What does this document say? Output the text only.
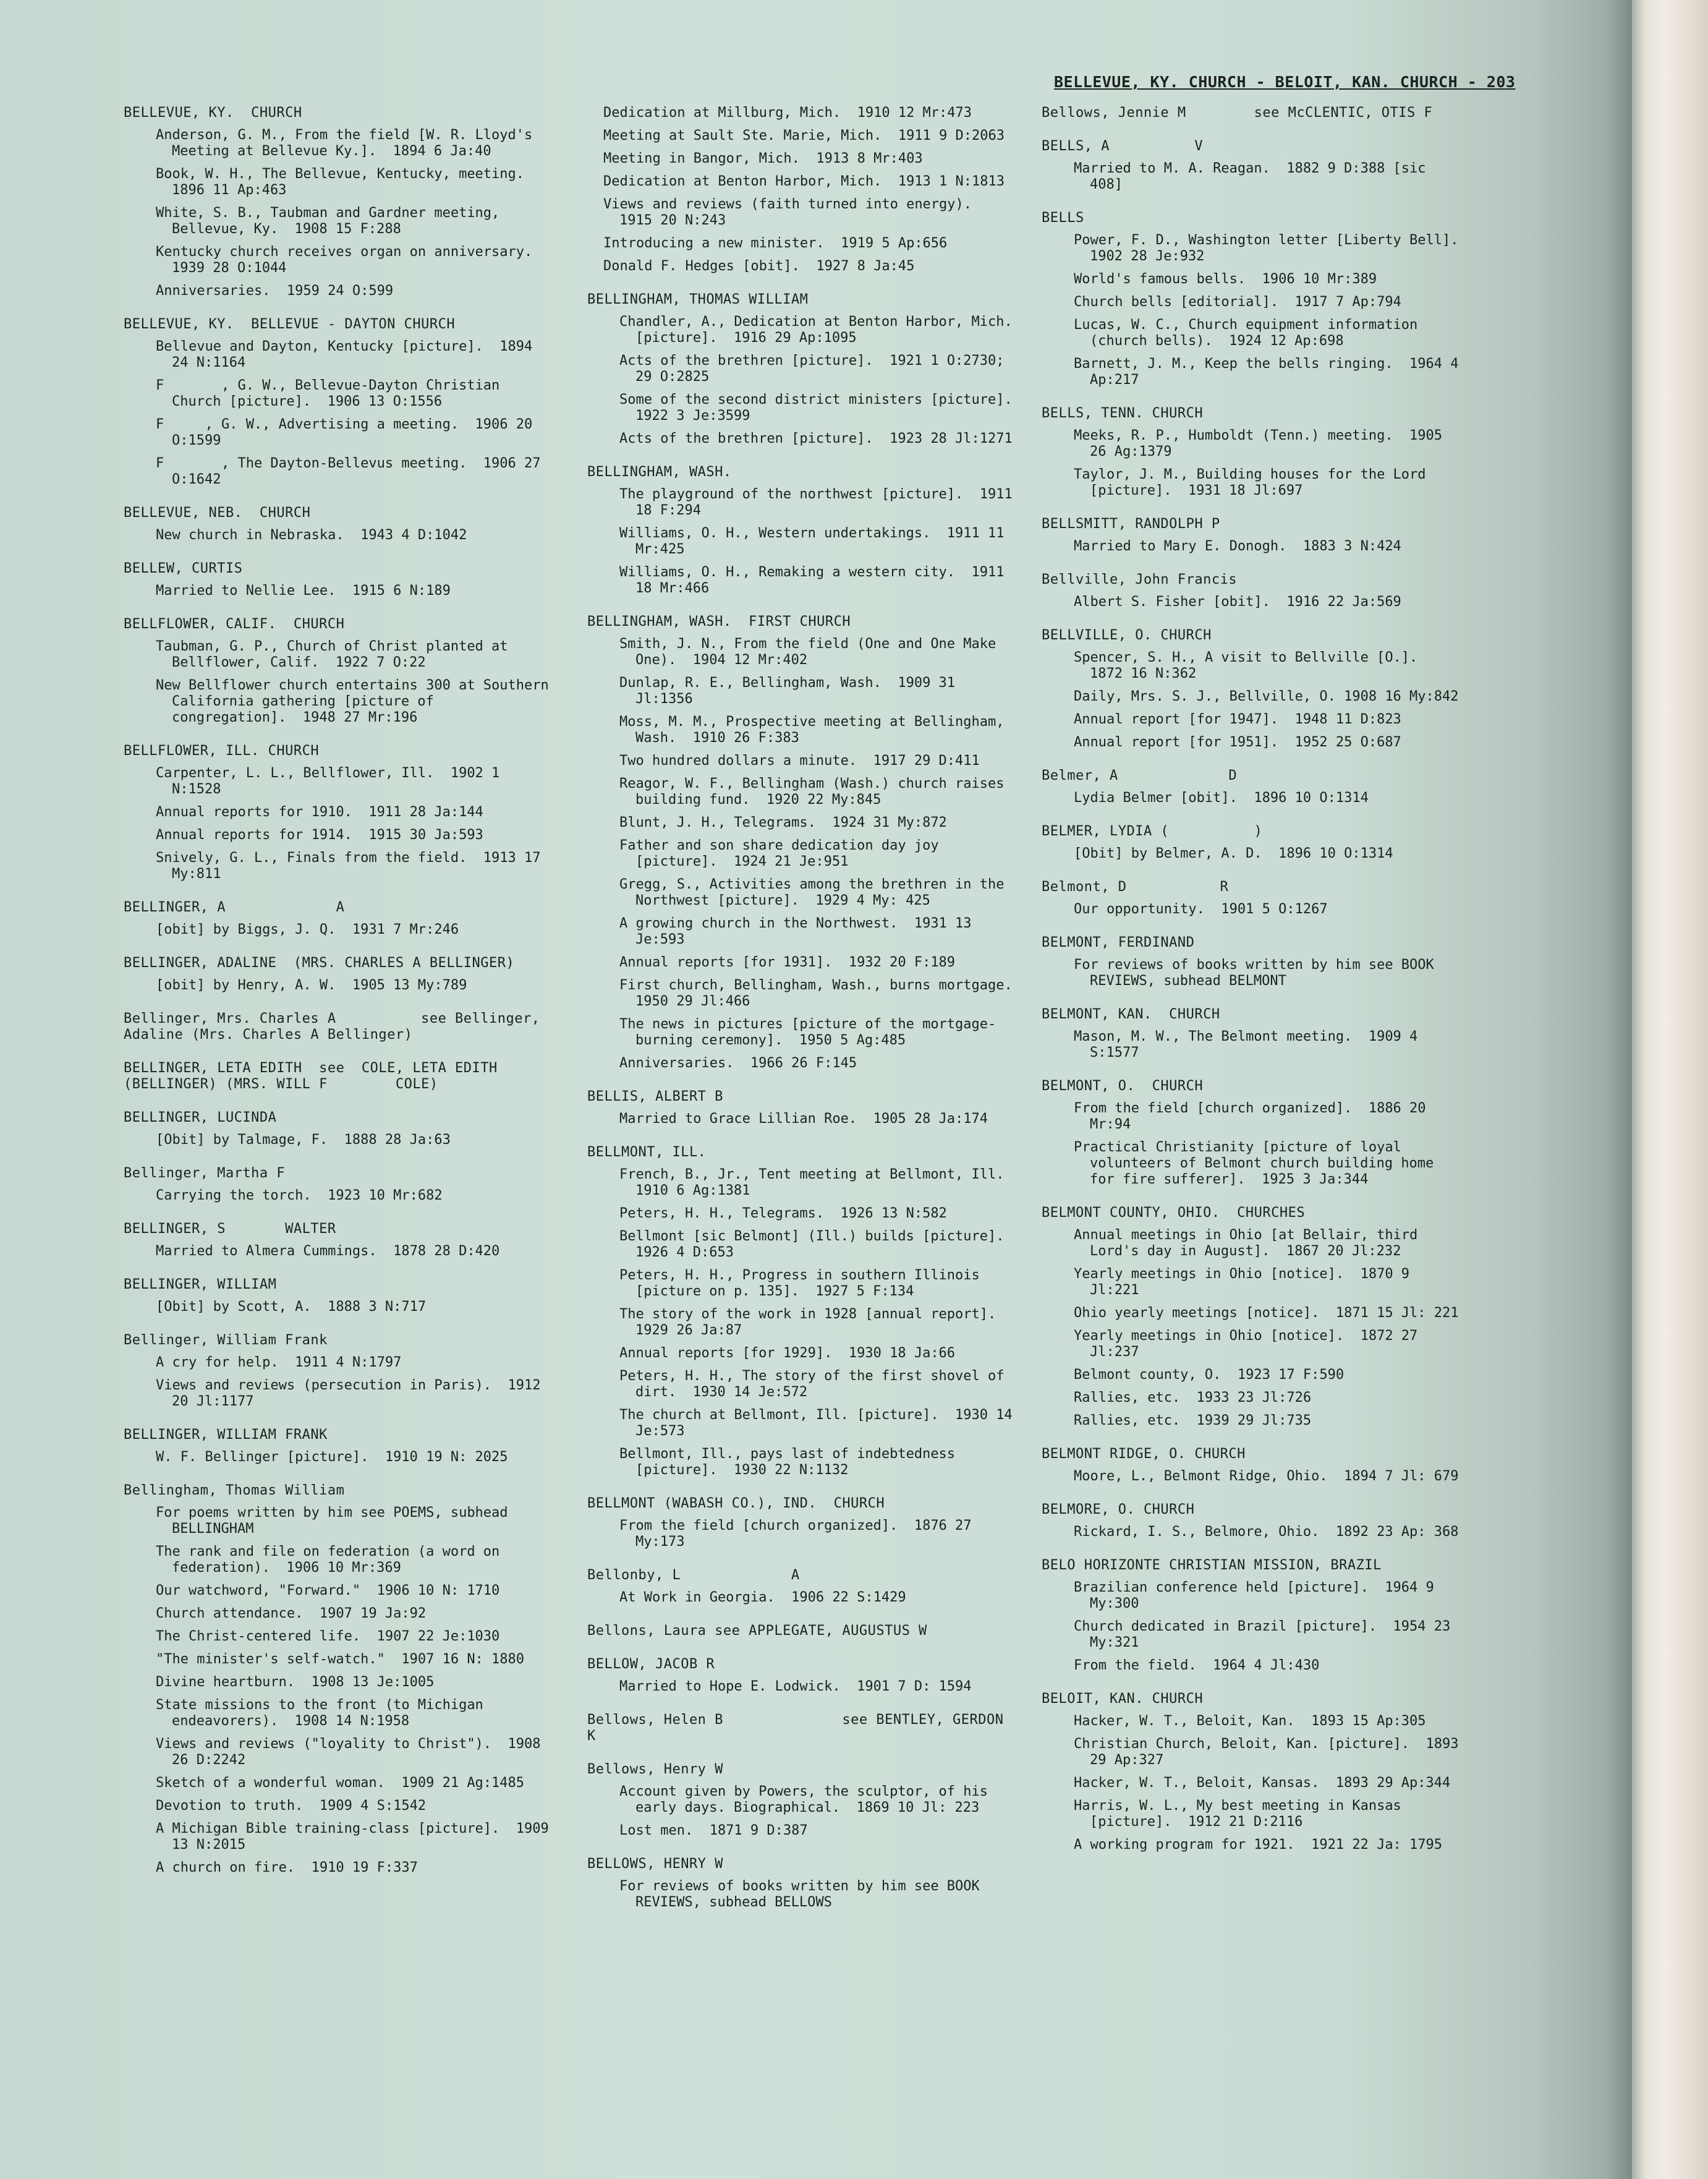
BELLEVUE, KY. CHURCH - BELOIT, KAN. CHURCH - 203
BELLEVUE, KY.  CHURCH
Anderson, G. M., From the field [W. R. Lloyd's Meeting at Bellevue Ky.].  1894 6 Ja:40
Book, W. H., The Bellevue, Kentucky, meeting.  1896 11 Ap:463
White, S. B., Taubman and Gardner meeting, Bellevue, Ky.  1908 15 F:288
Kentucky church receives organ on anniversary.  1939 28 O:1044
Anniversaries.  1959 24 O:599
BELLEVUE, KY.  BELLEVUE - DAYTON CHURCH
Bellevue and Dayton, Kentucky [picture].  1894 24 N:1164
F       , G. W., Bellevue-Dayton Christian Church [picture].  1906 13 O:1556
F     , G. W., Advertising a meeting.  1906 20 O:1599
F       , The Dayton-Bellevus meeting.  1906 27 O:1642
BELLEVUE, NEB.  CHURCH
New church in Nebraska.  1943 4 D:1042
BELLEW, CURTIS
Married to Nellie Lee.  1915 6 N:189
BELLFLOWER, CALIF.  CHURCH
Taubman, G. P., Church of Christ planted at Bellflower, Calif.  1922 7 O:22
New Bellflower church entertains 300 at Southern California gathering [picture of congregation].  1948 27 Mr:196
BELLFLOWER, ILL. CHURCH
Carpenter, L. L., Bellflower, Ill.  1902 1 N:1528
Annual reports for 1910.  1911 28 Ja:144
Annual reports for 1914.  1915 30 Ja:593
Snively, G. L., Finals from the field.  1913 17 My:811
BELLINGER, A             A
[obit] by Biggs, J. Q.  1931 7 Mr:246
BELLINGER, ADALINE  (MRS. CHARLES A BELLINGER)
[obit] by Henry, A. W.  1905 13 My:789
Bellinger, Mrs. Charles A          see Bellinger, Adaline (Mrs. Charles A Bellinger)
BELLINGER, LETA EDITH  see  COLE, LETA EDITH (BELLINGER) (MRS. WILL F        COLE)
BELLINGER, LUCINDA
[Obit] by Talmage, F.  1888 28 Ja:63
Bellinger, Martha F
Carrying the torch.  1923 10 Mr:682
BELLINGER, S       WALTER
Married to Almera Cummings.  1878 28 D:420
BELLINGER, WILLIAM
[Obit] by Scott, A.  1888 3 N:717
Bellinger, William Frank
A cry for help.  1911 4 N:1797
Views and reviews (persecution in Paris).  1912 20 Jl:1177
BELLINGER, WILLIAM FRANK
W. F. Bellinger [picture].  1910 19 N: 2025
Bellingham, Thomas William
For poems written by him see POEMS, subhead BELLINGHAM
The rank and file on federation (a word on federation).  1906 10 Mr:369
Our watchword, "Forward."  1906 10 N: 1710
Church attendance.  1907 19 Ja:92
The Christ-centered life.  1907 22 Je:1030
"The minister's self-watch."  1907 16 N: 1880
Divine heartburn.  1908 13 Je:1005
State missions to the front (to Michigan endeavorers).  1908 14 N:1958
Views and reviews ("loyality to Christ").  1908 26 D:2242
Sketch of a wonderful woman.  1909 21 Ag:1485
Devotion to truth.  1909 4 S:1542
A Michigan Bible training-class [picture].  1909 13 N:2015
A church on fire.  1910 19 F:337
Dedication at Millburg, Mich.  1910 12 Mr:473
Meeting at Sault Ste. Marie, Mich.  1911 9 D:2063
Meeting in Bangor, Mich.  1913 8 Mr:403
Dedication at Benton Harbor, Mich.  1913 1 N:1813
Views and reviews (faith turned into energy).  1915 20 N:243
Introducing a new minister.  1919 5 Ap:656
Donald F. Hedges [obit].  1927 8 Ja:45
BELLINGHAM, THOMAS WILLIAM
Chandler, A., Dedication at Benton Harbor, Mich. [picture].  1916 29 Ap:1095
Acts of the brethren [picture].  1921 1 O:2730; 29 O:2825
Some of the second district ministers [picture].  1922 3 Je:3599
Acts of the brethren [picture].  1923 28 Jl:1271
BELLINGHAM, WASH.
The playground of the northwest [picture].  1911 18 F:294
Williams, O. H., Western undertakings.  1911 11 Mr:425
Williams, O. H., Remaking a western city.  1911 18 Mr:466
BELLINGHAM, WASH.  FIRST CHURCH
Smith, J. N., From the field (One and One Make One).  1904 12 Mr:402
Dunlap, R. E., Bellingham, Wash.  1909 31 Jl:1356
Moss, M. M., Prospective meeting at Bellingham, Wash.  1910 26 F:383
Two hundred dollars a minute.  1917 29 D:411
Reagor, W. F., Bellingham (Wash.) church raises building fund.  1920 22 My:845
Blunt, J. H., Telegrams.  1924 31 My:872
Father and son share dedication day joy [picture].  1924 21 Je:951
Gregg, S., Activities among the brethren in the Northwest [picture].  1929 4 My: 425
A growing church in the Northwest.  1931 13 Je:593
Annual reports [for 1931].  1932 20 F:189
First church, Bellingham, Wash., burns mortgage.  1950 29 Jl:466
The news in pictures [picture of the mortgage-burning ceremony].  1950 5 Ag:485
Anniversaries.  1966 26 F:145
BELLIS, ALBERT B
Married to Grace Lillian Roe.  1905 28 Ja:174
BELLMONT, ILL.
French, B., Jr., Tent meeting at Bellmont, Ill.  1910 6 Ag:1381
Peters, H. H., Telegrams.  1926 13 N:582
Bellmont [sic Belmont] (Ill.) builds [picture].  1926 4 D:653
Peters, H. H., Progress in southern Illinois [picture on p. 135].  1927 5 F:134
The story of the work in 1928 [annual report].  1929 26 Ja:87
Annual reports [for 1929].  1930 18 Ja:66
Peters, H. H., The story of the first shovel of dirt.  1930 14 Je:572
The church at Bellmont, Ill. [picture].  1930 14 Je:573
Bellmont, Ill., pays last of indebtedness [picture].  1930 22 N:1132
BELLMONT (WABASH CO.), IND.  CHURCH
From the field [church organized].  1876 27 My:173
Bellonby, L             A
At Work in Georgia.  1906 22 S:1429
Bellons, Laura see APPLEGATE, AUGUSTUS W
BELLOW, JACOB R
Married to Hope E. Lodwick.  1901 7 D: 1594
Bellows, Helen B              see BENTLEY, GERDON K
Bellows, Henry W
Account given by Powers, the sculptor, of his early days. Biographical.  1869 10 Jl: 223
Lost men.  1871 9 D:387
BELLOWS, HENRY W
For reviews of books written by him see BOOK REVIEWS, subhead BELLOWS
Bellows, Jennie M        see McCLENTIC, OTIS F
BELLS, A          V
Married to M. A. Reagan.  1882 9 D:388 [sic 408]
BELLS
Power, F. D., Washington letter [Liberty Bell].  1902 28 Je:932
World's famous bells.  1906 10 Mr:389
Church bells [editorial].  1917 7 Ap:794
Lucas, W. C., Church equipment information (church bells).  1924 12 Ap:698
Barnett, J. M., Keep the bells ringing.  1964 4 Ap:217
BELLS, TENN. CHURCH
Meeks, R. P., Humboldt (Tenn.) meeting.  1905 26 Ag:1379
Taylor, J. M., Building houses for the Lord [picture].  1931 18 Jl:697
BELLSMITT, RANDOLPH P
Married to Mary E. Donogh.  1883 3 N:424
Bellville, John Francis
Albert S. Fisher [obit].  1916 22 Ja:569
BELLVILLE, O. CHURCH
Spencer, S. H., A visit to Bellville [O.].  1872 16 N:362
Daily, Mrs. S. J., Bellville, O. 1908 16 My:842
Annual report [for 1947].  1948 11 D:823
Annual report [for 1951].  1952 25 O:687
Belmer, A             D
Lydia Belmer [obit].  1896 10 O:1314
BELMER, LYDIA (          )
[Obit] by Belmer, A. D.  1896 10 O:1314
Belmont, D           R
Our opportunity.  1901 5 O:1267
BELMONT, FERDINAND
For reviews of books written by him see BOOK REVIEWS, subhead BELMONT
BELMONT, KAN.  CHURCH
Mason, M. W., The Belmont meeting.  1909 4 S:1577
BELMONT, O.  CHURCH
From the field [church organized].  1886 20 Mr:94
Practical Christianity [picture of loyal volunteers of Belmont church building home for fire sufferer].  1925 3 Ja:344
BELMONT COUNTY, OHIO.  CHURCHES
Annual meetings in Ohio [at Bellair, third Lord's day in August].  1867 20 Jl:232
Yearly meetings in Ohio [notice].  1870 9 Jl:221
Ohio yearly meetings [notice].  1871 15 Jl: 221
Yearly meetings in Ohio [notice].  1872 27 Jl:237
Belmont county, O.  1923 17 F:590
Rallies, etc.  1933 23 Jl:726
Rallies, etc.  1939 29 Jl:735
BELMONT RIDGE, O. CHURCH
Moore, L., Belmont Ridge, Ohio.  1894 7 Jl: 679
BELMORE, O. CHURCH
Rickard, I. S., Belmore, Ohio.  1892 23 Ap: 368
BELO HORIZONTE CHRISTIAN MISSION, BRAZIL
Brazilian conference held [picture].  1964 9 My:300
Church dedicated in Brazil [picture].  1954 23 My:321
From the field.  1964 4 Jl:430
BELOIT, KAN. CHURCH
Hacker, W. T., Beloit, Kan.  1893 15 Ap:305
Christian Church, Beloit, Kan. [picture].  1893 29 Ap:327
Hacker, W. T., Beloit, Kansas.  1893 29 Ap:344
Harris, W. L., My best meeting in Kansas [picture].  1912 21 D:2116
A working program for 1921.  1921 22 Ja: 1795
